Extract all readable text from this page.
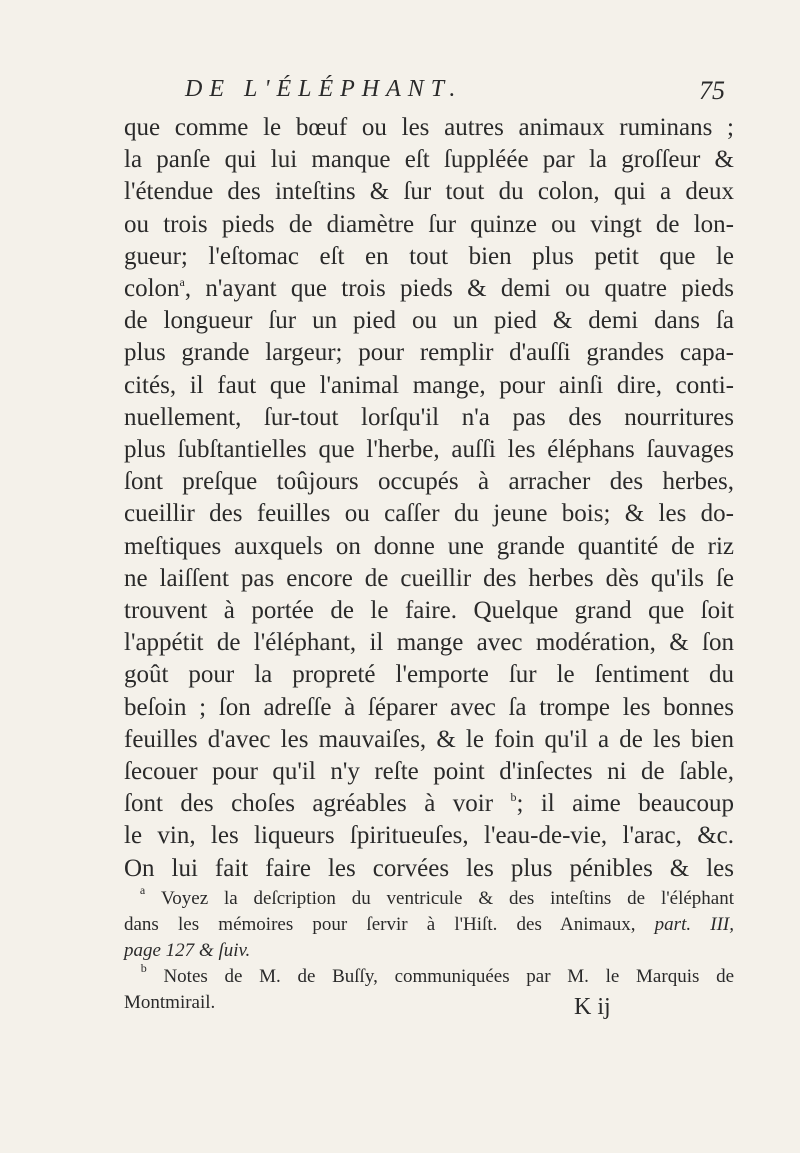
DE L'ÉLÉPHANT.	75
que comme le bœuf ou les autres animaux ruminans ;
la panſe qui lui manque eſt ſuppléée par la groſſeur &
l'étendue des inteſtins & ſur tout du colon, qui a deux
ou trois pieds de diamètre ſur quinze ou vingt de lon-
gueur; l'eſtomac eſt en tout bien plus petit que le
colon$^a$, n'ayant que trois pieds & demi ou quatre pieds
de longueur ſur un pied ou un pied & demi dans ſa
plus grande largeur; pour remplir d'auſſi grandes capa-
cités, il faut que l'animal mange, pour ainſi dire, conti-
nuellement, ſur-tout lorſqu'il n'a pas des nourritures
plus ſubſtantielles que l'herbe, auſſi les éléphans ſauvages
ſont preſque toûjours occupés à arracher des herbes,
cueillir des feuilles ou caſſer du jeune bois; & les do-
meſtiques auxquels on donne une grande quantité de riz
ne laiſſent pas encore de cueillir des herbes dès qu'ils ſe
trouvent à portée de le faire. Quelque grand que ſoit
l'appétit de l'éléphant, il mange avec modération, & ſon
goût pour la propreté l'emporte ſur le ſentiment du
beſoin ; ſon adreſſe à ſéparer avec ſa trompe les bonnes
feuilles d'avec les mauvaiſes, & le foin qu'il a de les bien
ſecouer pour qu'il n'y reſte point d'inſectes ni de ſable,
ſont des choſes agréables à voir $^b$; il aime beaucoup
le vin, les liqueurs ſpiritueuſes, l'eau-de-vie, l'arac, &c.
On lui fait faire les corvées les plus pénibles & les
$^a$ Voyez la deſcription du ventricule & des inteſtins de l'éléphant
dans les mémoires pour ſervir à l'Hiſt. des Animaux, part. III,
page 127 & ſuiv.
$^b$ Notes de M. de Buſſy, communiquées par M. le Marquis de
Montmirail.	K ij
